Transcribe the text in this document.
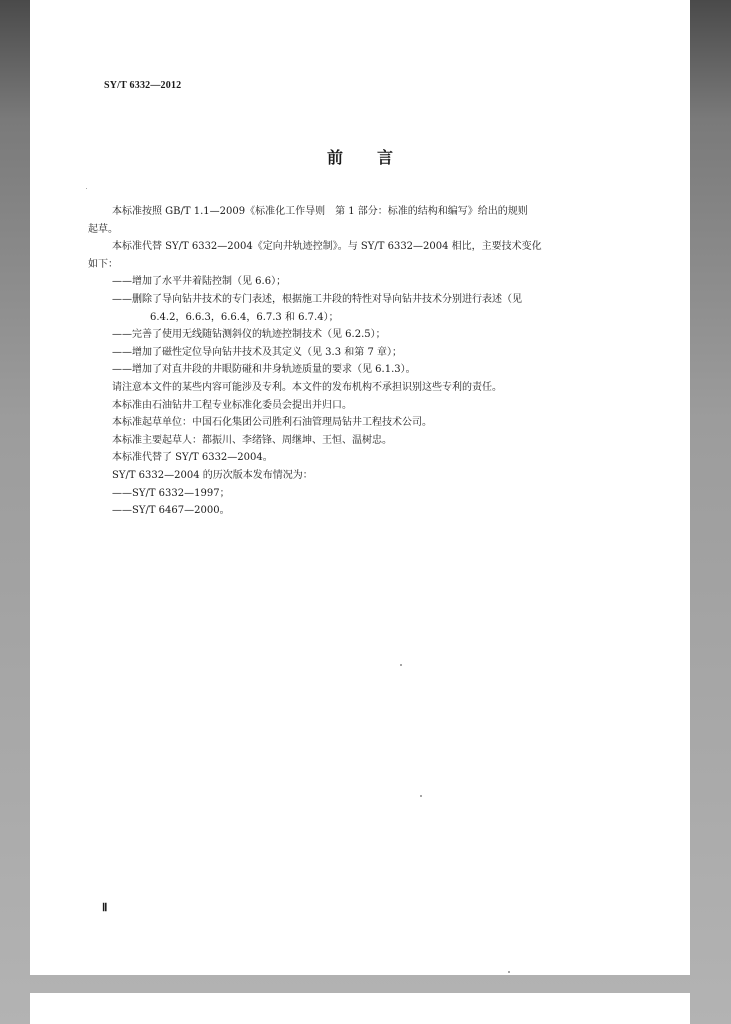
SY/T 6332—2012
前言
本标准按照 GB/T 1.1—2009《标准化工作导则　第 1 部分：标准的结构和编写》给出的规则
起草。
本标准代替 SY/T 6332—2004《定向井轨迹控制》。与 SY/T 6332—2004 相比，主要技术变化
如下：
——增加了水平井着陆控制（见 6.6）；
——删除了导向钻井技术的专门表述，根据施工井段的特性对导向钻井技术分别进行表述（见
6.4.2，6.6.3，6.6.4，6.7.3 和 6.7.4）；
——完善了使用无线随钻测斜仪的轨迹控制技术（见 6.2.5）；
——增加了磁性定位导向钻井技术及其定义（见 3.3 和第 7 章）；
——增加了对直井段的井眼防碰和井身轨迹质量的要求（见 6.1.3）。
请注意本文件的某些内容可能涉及专利。本文件的发布机构不承担识别这些专利的责任。
本标准由石油钻井工程专业标准化委员会提出并归口。
本标准起草单位：中国石化集团公司胜利石油管理局钻井工程技术公司。
本标准主要起草人：都振川、李绪锋、周继坤、王恒、温树忠。
本标准代替了 SY/T 6332—2004。
SY/T 6332—2004 的历次版本发布情况为：
——SY/T 6332—1997；
——SY/T 6467—2000。
Ⅱ
